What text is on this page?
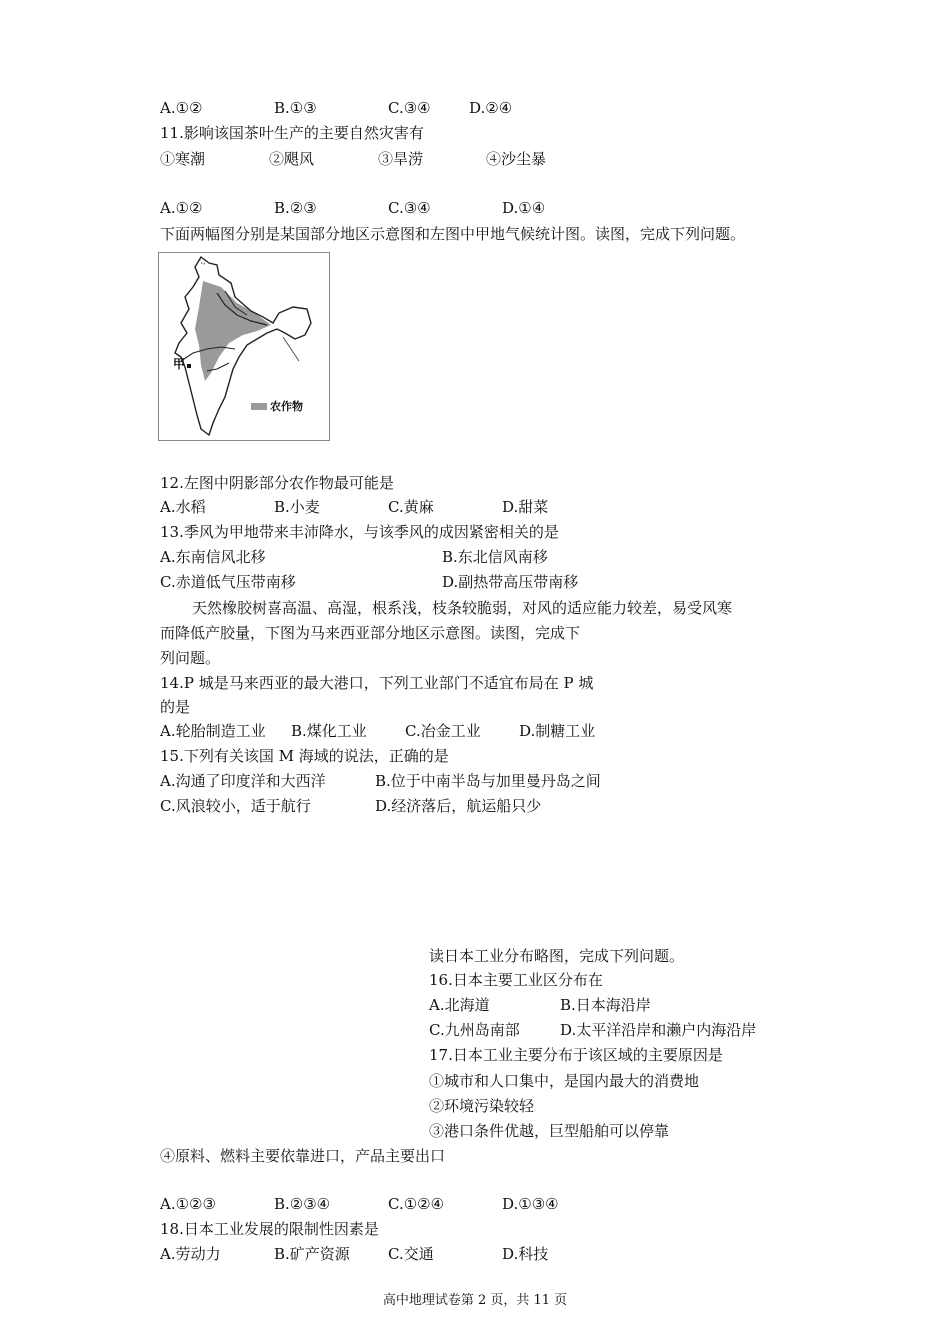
A.①②	B.①③	C.③④	D.②④
11.影响该国茶叶生产的主要自然灾害有
①寒潮	②飓风	③旱涝	④沙尘暴
A.①②	B.②③	C.③④	D.①④
下面两幅图分别是某国部分地区示意图和左图中甲地气候统计图。读图，完成下列问题。
甲
农作物
12.左图中阴影部分农作物最可能是
A.水稻	B.小麦	C.黄麻	D.甜菜
13.季风为甲地带来丰沛降水，与该季风的成因紧密相关的是
A.东南信风北移	B.东北信风南移
C.赤道低气压带南移	D.副热带高压带南移
天然橡胶树喜高温、高湿，根系浅，枝条较脆弱，对风的适应能力较差，易受风寒
而降低产胶量，下图为马来西亚部分地区示意图。读图，完成下
列问题。
14.P 城是马来西亚的最大港口，下列工业部门不适宜布局在 P 城
的是
A.轮胎制造工业 B.煤化工业	C.冶金工业	D.制糖工业
15.下列有关该国 M 海域的说法，正确的是
A.沟通了印度洋和大西洋	B.位于中南半岛与加里曼丹岛之间
C.风浪较小，适于航行	D.经济落后，航运船只少
读日本工业分布略图，完成下列问题。
16.日本主要工业区分布在
A.北海道	B.日本海沿岸
C.九州岛南部	D.太平洋沿岸和濑户内海沿岸
17.日本工业主要分布于该区域的主要原因是
①城市和人口集中，是国内最大的消费地
②环境污染较轻
③港口条件优越，巨型船舶可以停靠
④原料、燃料主要依靠进口，产品主要出口
A.①②③	B.②③④	C.①②④	D.①③④
18.日本工业发展的限制性因素是
A.劳动力	B.矿产资源	C.交通	D.科技
高中地理试卷第 2 页，共 11 页
